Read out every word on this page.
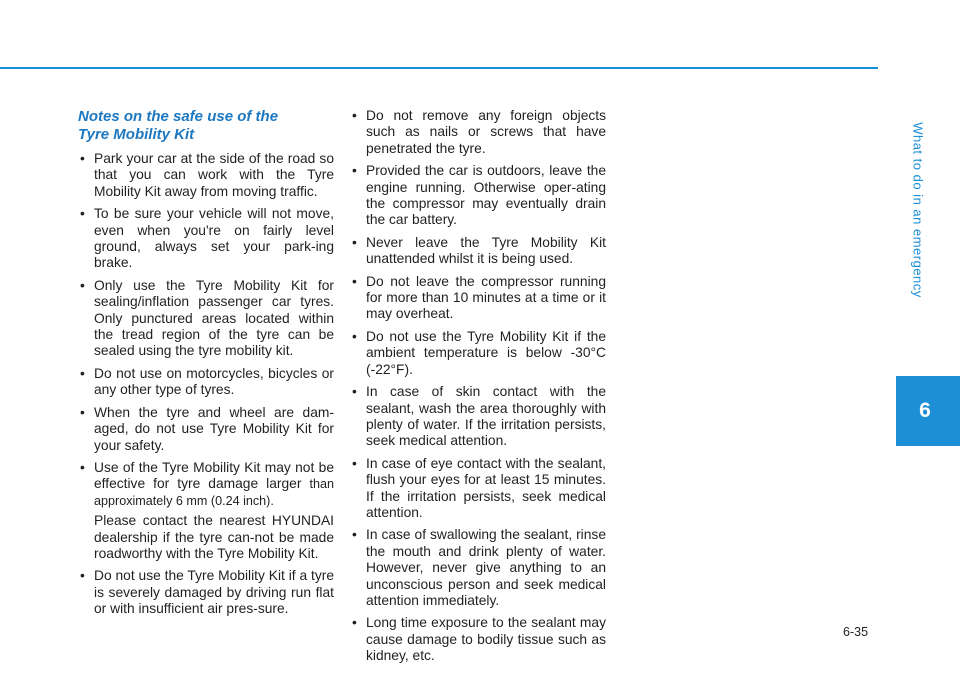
What to do in an emergency
6
Notes on the safe use of the
Tyre Mobility Kit
• Park your car at the side of the road so that you can work with the Tyre Mobility Kit away from moving traffic.
• To be sure your vehicle will not move, even when you're on fairly level ground, always set your park-ing brake.
• Only use the Tyre Mobility Kit for sealing/inflation passenger car tyres. Only punctured areas located within the tread region of the tyre can be sealed using the tyre mobility kit.
• Do not use on motorcycles, bicycles or any other type of tyres.
• When the tyre and wheel are dam-aged, do not use Tyre Mobility Kit for your safety.
• Use of the Tyre Mobility Kit may not be effective for tyre damage larger than approximately 6 mm (0.24 inch).
Please contact the nearest HYUNDAI dealership if the tyre can-not be made roadworthy with the Tyre Mobility Kit.
• Do not use the Tyre Mobility Kit if a tyre is severely damaged by driving run flat or with insufficient air pres-sure.
• Do not remove any foreign objects such as nails or screws that have penetrated the tyre.
• Provided the car is outdoors, leave the engine running. Otherwise oper-ating the compressor may eventually drain the car battery.
• Never leave the Tyre Mobility Kit unattended whilst it is being used.
• Do not leave the compressor running for more than 10 minutes at a time or it may overheat.
• Do not use the Tyre Mobility Kit if the ambient temperature is below -30°C (-22°F).
• In case of skin contact with the sealant, wash the area thoroughly with plenty of water. If the irritation persists, seek medical attention.
• In case of eye contact with the sealant, flush your eyes for at least 15 minutes. If the irritation persists, seek medical attention.
• In case of swallowing the sealant, rinse the mouth and drink plenty of water. However, never give anything to an unconscious person and seek medical attention immediately.
• Long time exposure to the sealant may cause damage to bodily tissue such as kidney, etc.
6-35
